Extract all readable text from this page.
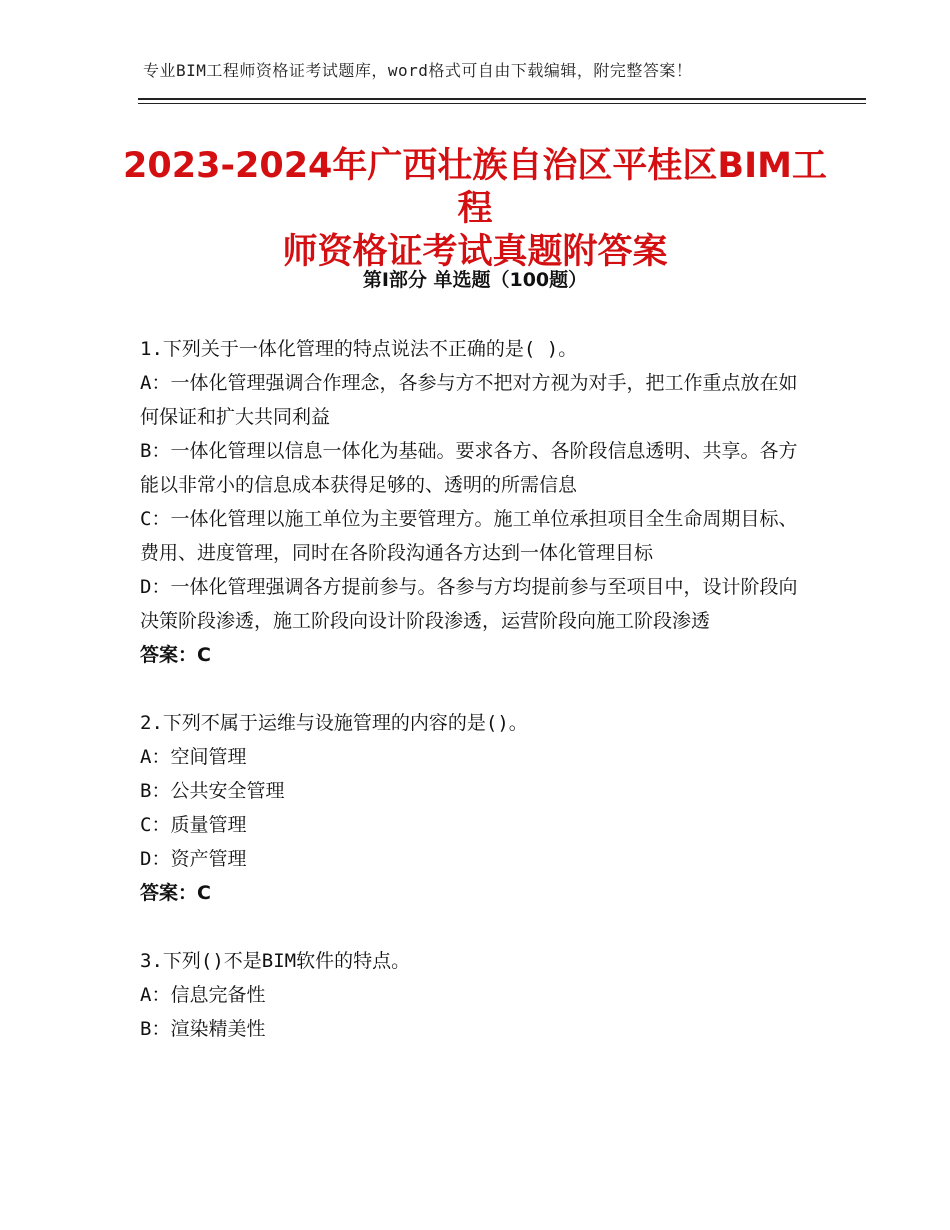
专业BIM工程师资格证考试题库，word格式可自由下载编辑，附完整答案！
2023-2024年广西壮族自治区平桂区BIM工程
师资格证考试真题附答案
第Ⅰ部分 单选题（100题）
1.下列关于一体化管理的特点说法不正确的是( )。
A：一体化管理强调合作理念，各参与方不把对方视为对手，把工作重点放在如何保证和扩大共同利益
B：一体化管理以信息一体化为基础。要求各方、各阶段信息透明、共享。各方能以非常小的信息成本获得足够的、透明的所需信息
C：一体化管理以施工单位为主要管理方。施工单位承担项目全生命周期目标、费用、进度管理，同时在各阶段沟通各方达到一体化管理目标
D：一体化管理强调各方提前参与。各参与方均提前参与至项目中，设计阶段向决策阶段渗透，施工阶段向设计阶段渗透，运营阶段向施工阶段渗透
答案：C
2.下列不属于运维与设施管理的内容的是()。
A：空间管理
B：公共安全管理
C：质量管理
D：资产管理
答案：C
3.下列()不是BIM软件的特点。
A：信息完备性
B：渲染精美性
